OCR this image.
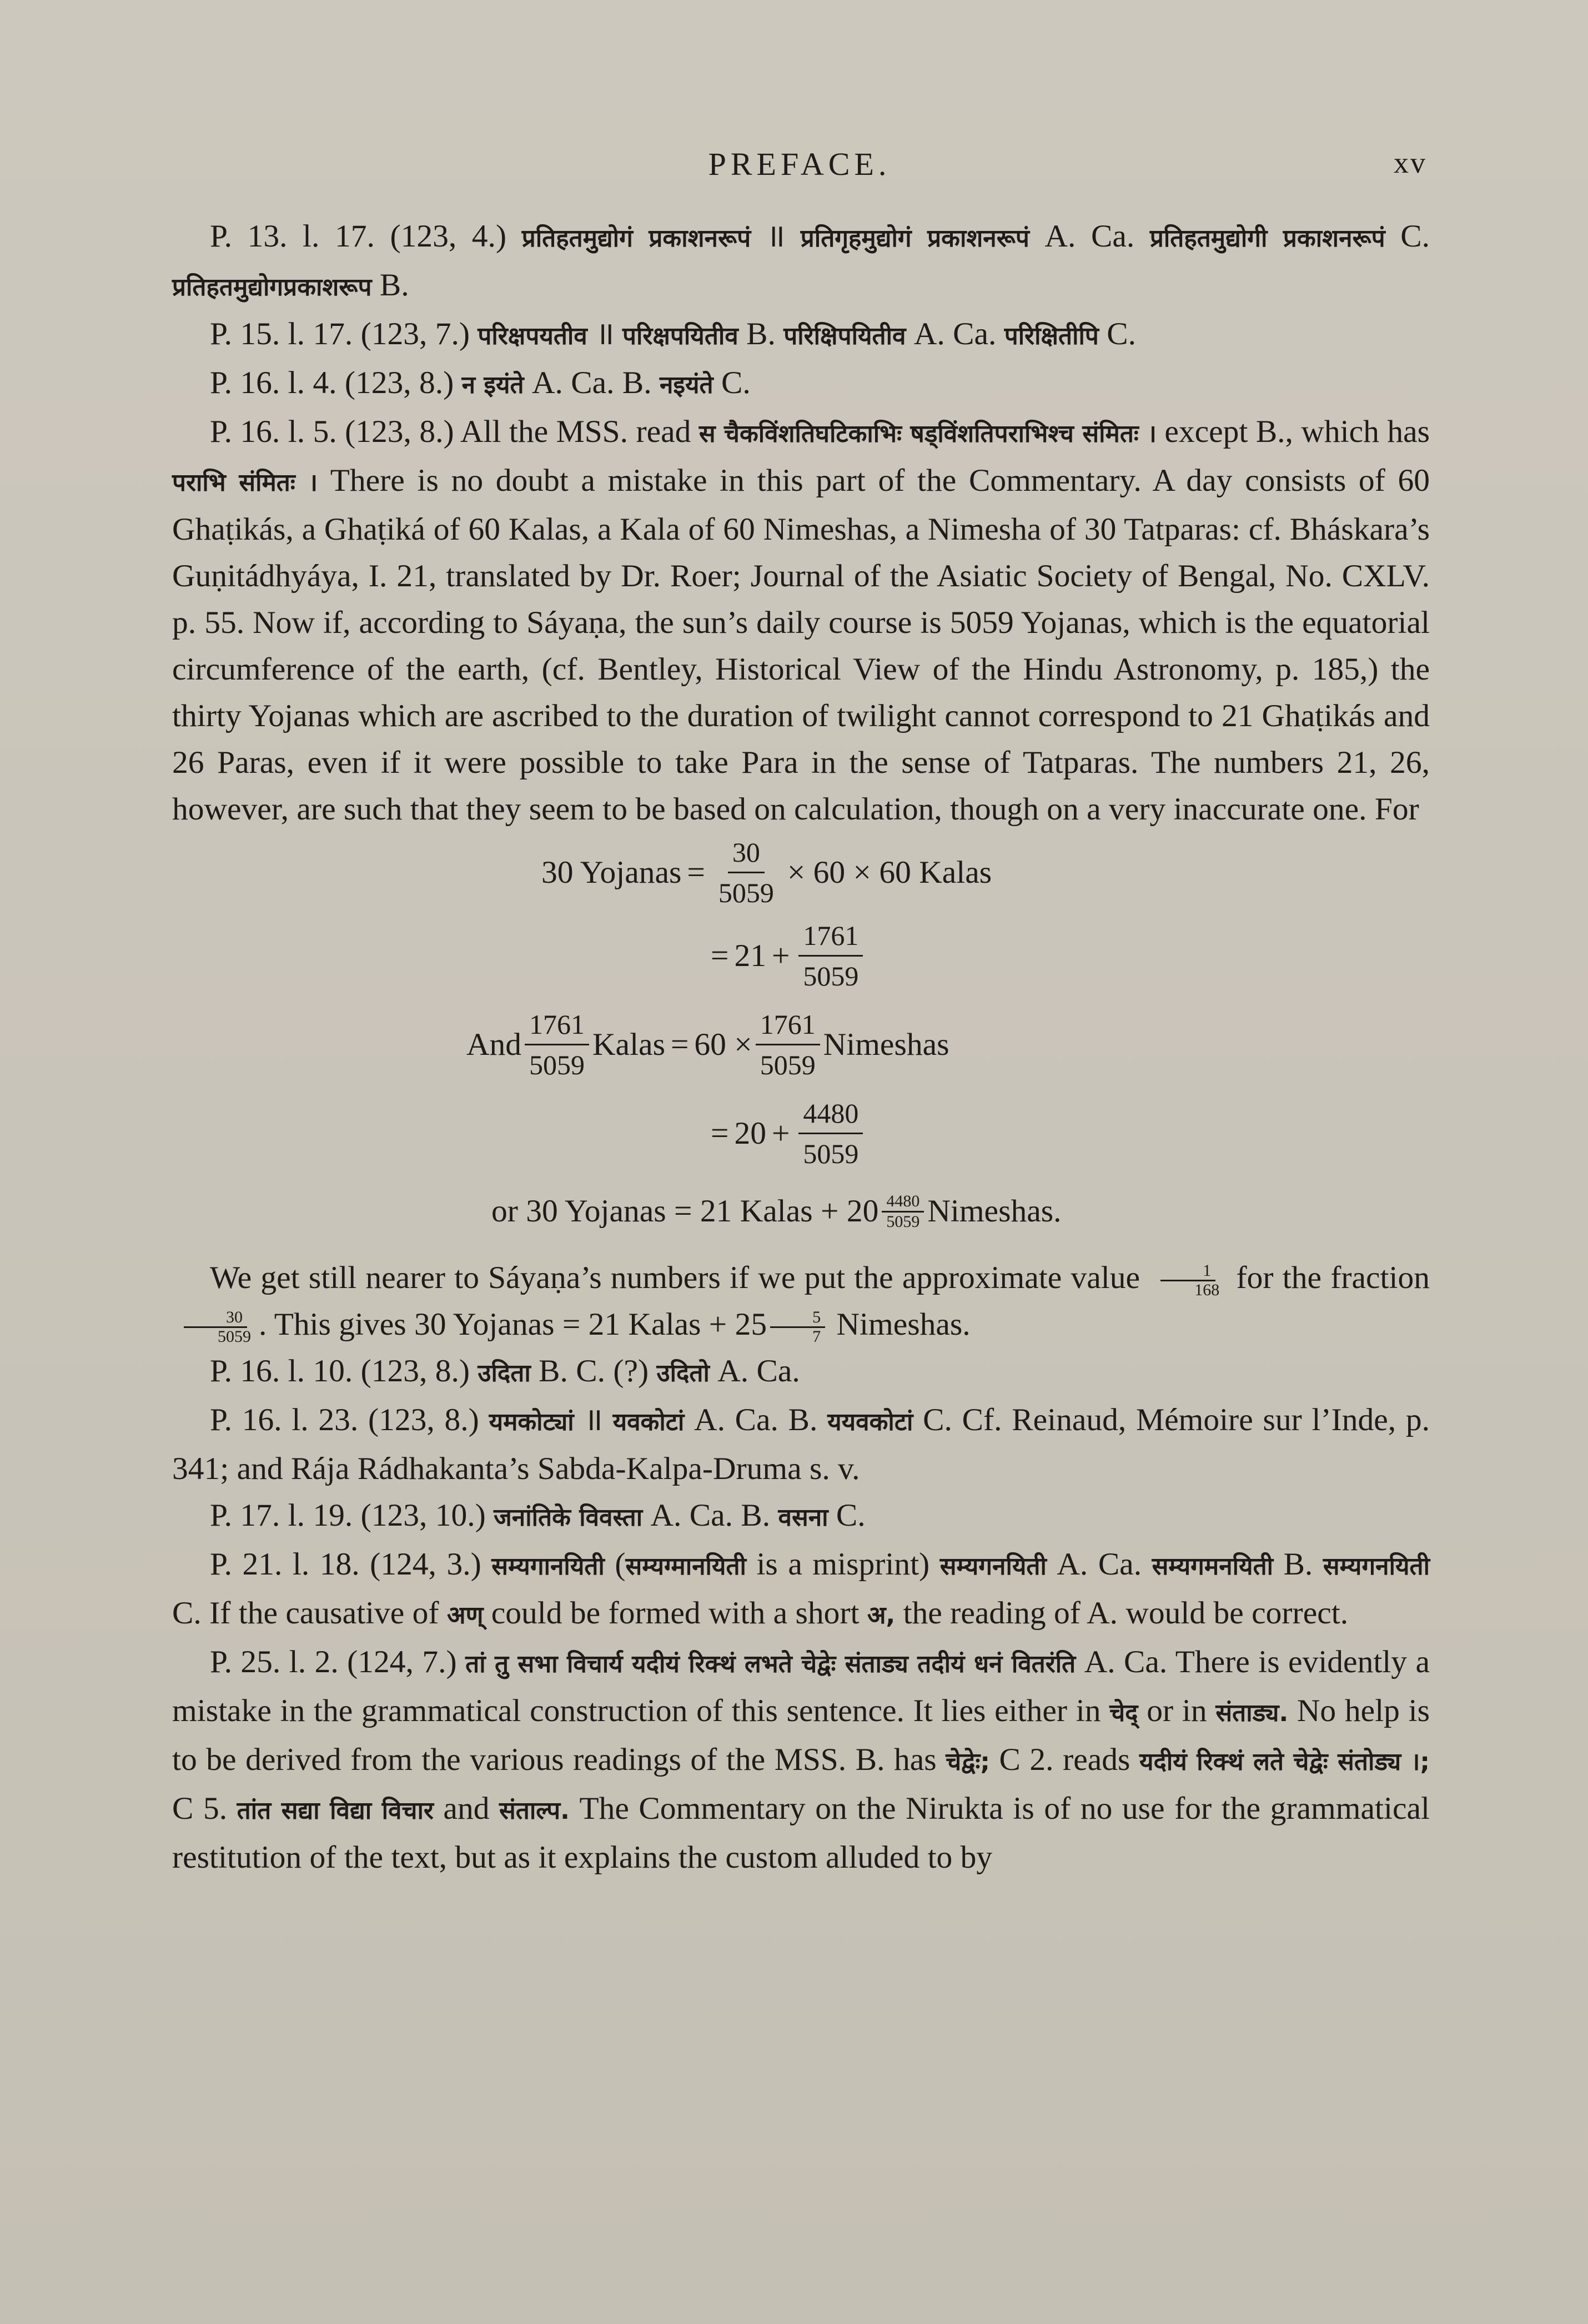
PREFACE.	xv

P. 13. l. 17. (123, 4.) प्रतिहतमुद्योगं प्रकाशनरूपं ॥ प्रतिगृहमुद्योगं प्रकाशनरूपं A. Ca. प्रतिहतमुद्योगी प्रकाशनरूपं C. प्रतिहतमुद्योगप्रकाशरूप B.

P. 15. l. 17. (123, 7.) परिक्षपयतीव ॥ परिक्षपयितीव B. परिक्षिपयितीव A. Ca. परिक्षितीपि C.

P. 16. l. 4. (123, 8.) न इयंते A. Ca. B. नइयंते C.

P. 16. l. 5. (123, 8.) All the MSS. read स चैकविंशतिघटिकाभिः षड्विंशतिपराभिश्च संमितः । except B., which has पराभि संमितः । There is no doubt a mistake in this part of the Commentary. A day consists of 60 Ghaṭikás, a Ghaṭiká of 60 Kalas, a Kala of 60 Nimeshas, a Nimesha of 30 Tatparas: cf. Bháskara’s Guṇitádhyáya, I. 21, translated by Dr. Roer; Journal of the Asiatic Society of Bengal, No. CXLV. p. 55. Now if, according to Sáyaṇa, the sun’s daily course is 5059 Yojanas, which is the equatorial circumference of the earth, (cf. Bentley, Historical View of the Hindu Astronomy, p. 185,) the thirty Yojanas which are ascribed to the duration of twilight cannot correspond to 21 Ghaṭikás and 26 Paras, even if it were possible to take Para in the sense of Tatparas. The numbers 21, 26, however, are such that they seem to be based on calculation, though on a very inaccurate one. For

30 Yojanas = $\frac{30}{5059} \times 60 \times 60$ Kalas
= $21 + \frac{1761}{5059}$
And $\frac{1761}{5059}$ Kalas = $60 \times \frac{1761}{5059}$ Nimeshas
= $20 + \frac{4480}{5059}$
or 30 Yojanas = 21 Kalas + $20 \frac{4480}{5059}$ Nimeshas.

We get still nearer to Sáyaṇa’s numbers if we put the approximate value $\frac{1}{168}$ for the fraction
$\frac{30}{5059}$ . This gives 30 Yojanas = 21 Kalas + $25 \frac{5}{7}$ Nimeshas.

P. 16. l. 10. (123, 8.) उदिता B. C. (?) उदितो A. Ca.

P. 16. l. 23. (123, 8.) यमकोट्यां ॥ यवकोटां A. Ca. B. ययवकोटां C. Cf. Reinaud, Mémoire sur l’Inde, p. 341; and Rája Rádhakanta’s Sabda-Kalpa-Druma s. v.

P. 17. l. 19. (123, 10.) जनांतिके विवस्ता A. Ca. B. वसना C.

P. 21. l. 18. (124, 3.) सम्यगानयिती (सम्यग्मानयिती is a misprint) सम्यगनयिती A. Ca. सम्यगमनयिती B. सम्यगनयिती C. If the causative of अण् could be formed with a short अ, the reading of A. would be correct.

P. 25. l. 2. (124, 7.) तां तु सभा विचार्य यदीयं रिक्थं लभते चेद्वेः संताड्य तदीयं धनं वितरंति A. Ca. There is evidently a mistake in the grammatical construction of this sentence. It lies either in चेद् or in संताड्य. No help is to be derived from the various readings of the MSS. B. has चेद्वेः; C 2. reads यदीयं रिक्थं लते चेद्वेः संतोड्य ।; C 5. तांत सद्या विद्या विचार and संताल्प. The Commentary on the Nirukta is of no use for the grammatical restitution of the text, but as it explains the custom alluded to by
